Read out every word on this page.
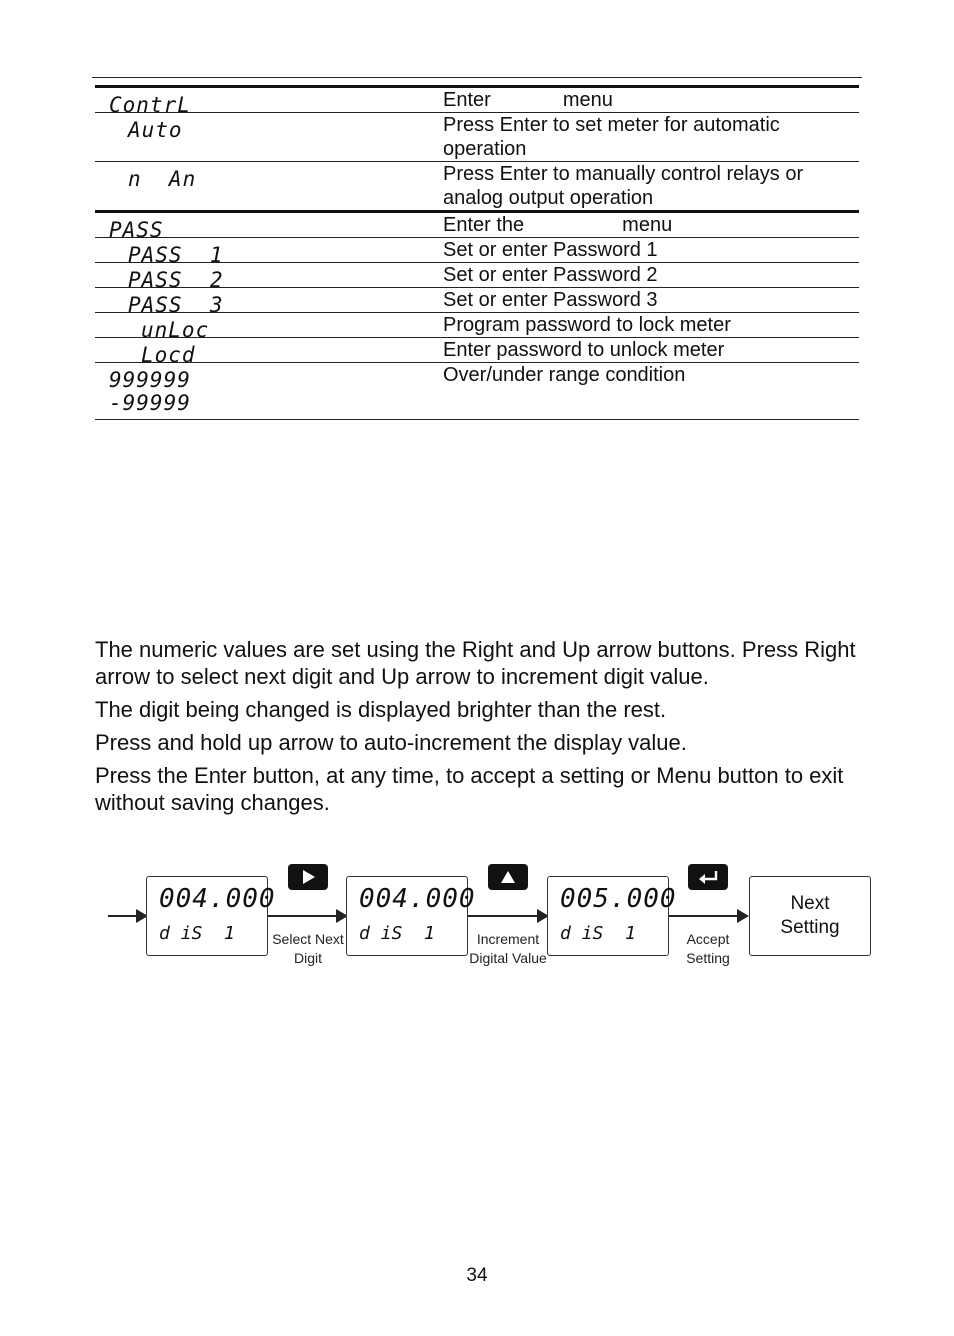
ContrL	Enter menu

Auto	Press Enter to set meter for automatic operation

n  An	Press Enter to manually control relays or analog output operation

PASS	Enter the menu

PASS  1	Set or enter Password 1

PASS  2	Set or enter Password 2

PASS  3	Set or enter Password 3

unLoc	Program password to lock meter

Locd	Enter password to unlock meter

999999
-99999	Over/under range condition

The numeric values are set using the Right and Up arrow buttons. Press Right arrow to select next digit and Up arrow to increment digit value.

The digit being changed is displayed brighter than the rest.

Press and hold up arrow to auto-increment the display value.

Press the Enter button, at any time, to accept a setting or Menu button to exit without saving changes.

004.000
d iS  1	Select Next Digit
004.000
d iS  1	Increment Digital Value
005.000
d iS  1	Accept Setting
Next Setting
34
